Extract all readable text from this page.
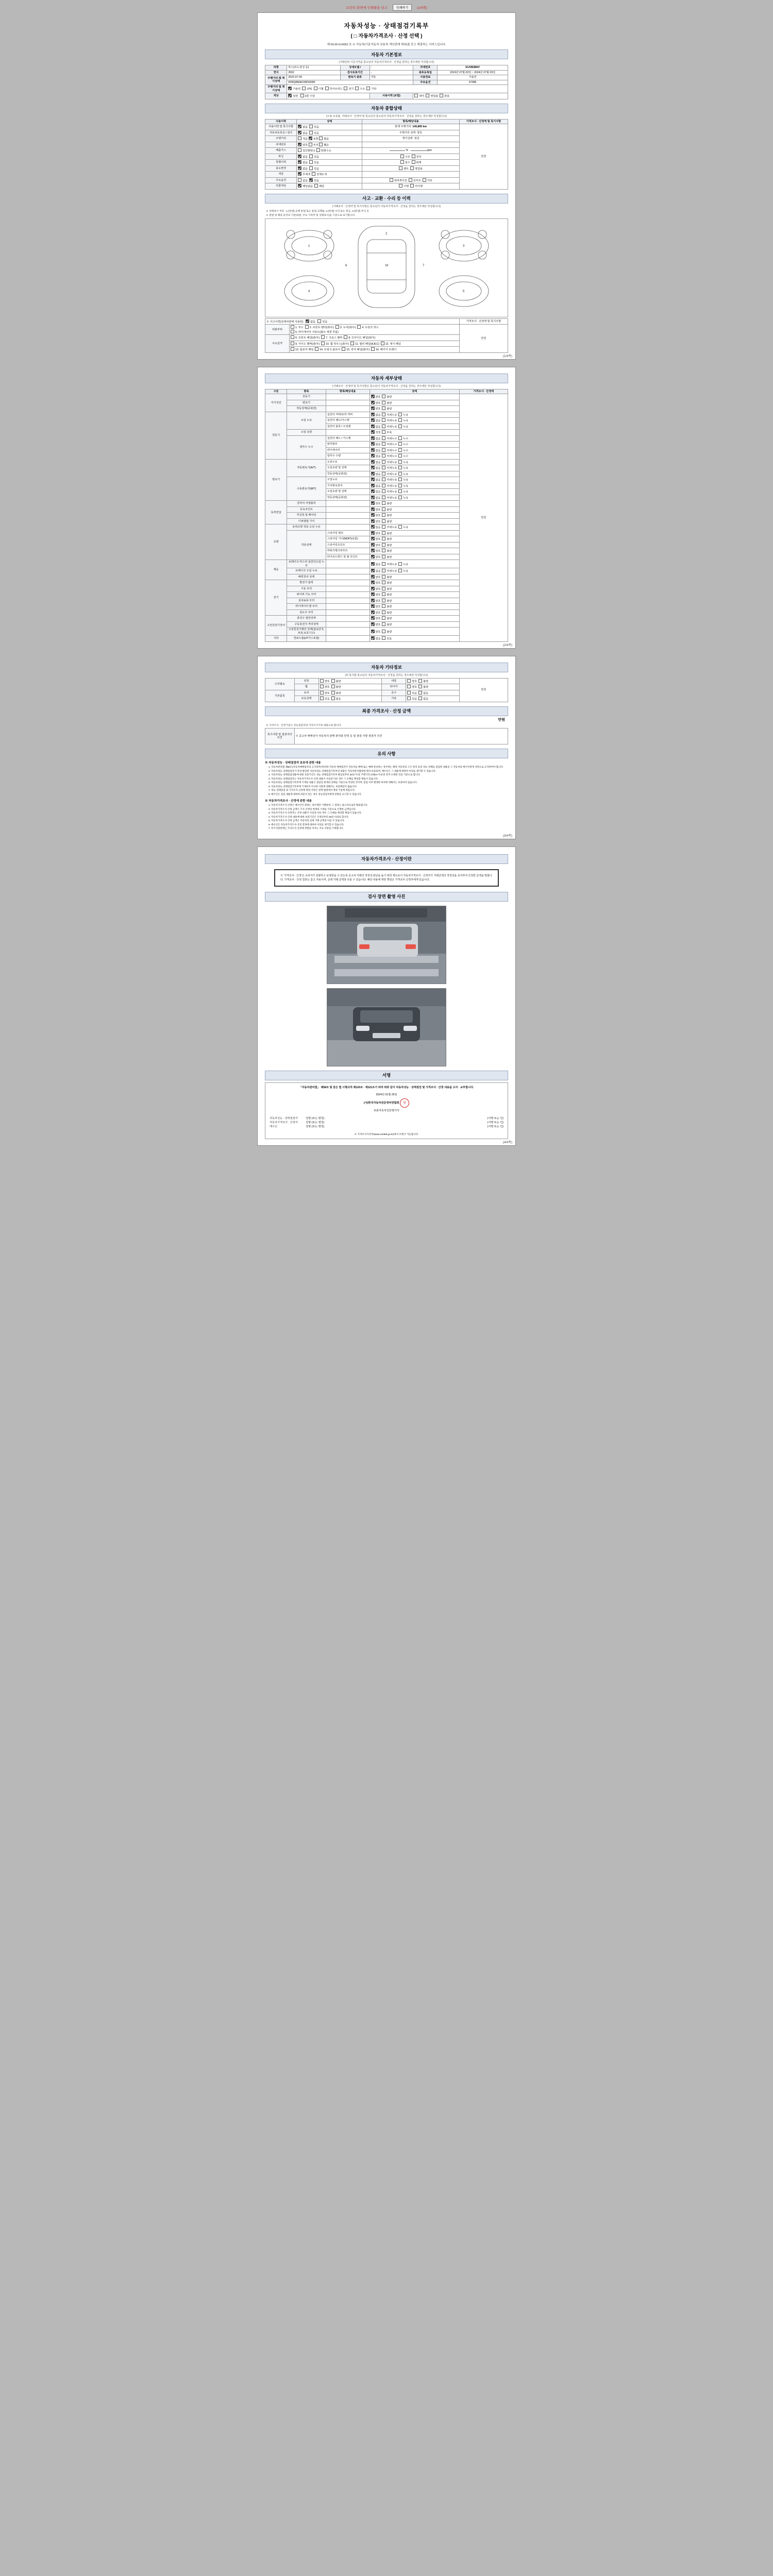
프린터 화면에 인쇄물을 넣고	인쇄하기	(1/4쪽)
(1/4쪽)
자동차성능 · 상태점검기록부
( □ 자동차가격조사 · 산정 선택 )
제 00-00-014052 호 ※ 자동차(이륜자동차·상용차·개인판매 제외)를 중고 해결하는 서비스입니다.
자동차 기본정보
(거래단위 기준가격을 통소단의 자동차가격조사 · 산정을 원하는 경우에만 작성합니다)
차명	투스(르노삼성 등)	상세모델 /	-	차대번호	KUVB3M47
연식	2002	검사유효기간	-	최초등록일	2019년 07월 03일 ~ 2024년 07월 03일
주행거리 및 계기상태	2022-07-04	변속기 종류	자동	사용연료	가솔린
	KFBQRM4C09F50090			주요옵션	67086
주행거리 및 계기상태	가솔린 LPG 디젤 하이브리드 전기 수소 기타				
색상	일반 2톤 이상		사용이력 (보험)	대여 영업용 관용	
자동차 종합상태
(※표 조효율, 거래조사 · 산정약 및 통소단의 통소단의 자동차가격조사 · 산정을 원하는 경우에만 작성합니다)
사용이력	상태	항목/해당내용	가격조사 · 산정액 및 특기사항
사용이력 및 특기사항	없음 있음	현재 주행거리 145,895 km	만원
자동차등록증 / 검사	없음 있음	주행거리 상태 양호	
주행거리	적음 보통 많음	계기상태 정상	
차대번호	양호 부식 훼손		
배출가스	일산화탄소 탄화수소	% ppm	
튜닝	없음 있음	구조 장치	
특별이력	없음 있음	침수 화재	
용도변경	없음 있음	렌트 영업용	
색상	무채색 전체도색		
주요옵션	없음 있음	내비게이션  선루프  기타	
리콜대상	해당없음 해당	이행 미이행	
사고 · 교환 · 수리 등 이력
(거래조사 · 산정약 및 특기사항은 통소단의 자동차가격조사 · 산정을 원하는 경우에만 작성합니다)
※ 상태표시 부호 : 1.(판넬) 교체 판넬 또는 용접 교체됨, 2.(판넬) 수리 또는 판금, 3.(판넬) 부식 등
※ 판넬 및 해당 골격의 기본(외판, 주요 기록부 및 상태표시)을 기준으로 표기합니다.
1
2
3
M
4	5
6	7
※ 사고이력(전체차량에 사용된) 없음 있음		가격조사 · 산정액 및 특기사항
외판부위	1. 후드 2. 프론트 펜더(좌/우) 3. 도어(좌/우) 4. 트렁크 리드
5. 라디에이터 서포트(볼트 체결 부품)	만원
주요골격	6. 프론트 패널(좌/우) 7. 크로스 멤버 8. 인사이드 패널(좌/우)	
	9. 사이드 멤버(좌/우) 10. 휠 하우스(좌/우) 11. 필러 패널(A,B,C) 12. 대시 패널	
	13. 플로어 패널 14. 트렁크 플로어 15. 리어 패널(좌/우) 16. 패키지 트레이	
(2/4쪽)
자동차 세부상태
(거래조사 · 산정약 및 특기사항은 통소단의 자동차가격조사 · 산정을 원하는 경우에만 작성합니다)
구분	항목	항목/해당내용	상태	가격조사 · 산정액
자기진단	원동기		양호 불량	만원
	변속기		양호 불량	
	작동상태(공회전)		양호 불량	
원동기	오일 누유	실린더 커버/로커 커버	없음 미세누유 누유	
		실린더 헤드/가스켓	없음 미세누유 누유	
		실린더 블록 / 오일팬	없음 미세누유 누유	
	오일 유량		적정 부족	
	냉각수 누수	실린더 헤드 / 가스켓	없음 미세누수 누수	
		워터펌프	없음 미세누수 누수	
		라디에이터	없음 미세누수 누수	
		냉각수 수량	없음 미세누수 누수	
변속기	자동변속기(A/T)	오일누유	없음 미세누유 누유	
		오일유량 및 상태	없음 미세누유 누유	
		작동상태(공회전)	없음 미세누유 누유	
	수동변속기(M/T)	오일누유	없음 미세누유 누유	
		기어변속장치	없음 미세누유 누유	
		오일유량 및 상태	없음 미세누유 누유	
		작동상태(공회전)	없음 미세누유 누유	
동력전달	클러치 어셈블리		양호 불량	
	등속조인트		양호 불량	
	추진축 및 베어링		양호 불량	
	디퍼렌셜 기어		양호 불량	
조향	동력조향 작동 오일 누유		없음 미세누유 누유	
	작동상태	스티어링 펌프	양호 불량	
		스티어링 기어(MDPS포함)	양호 불량	
		스티어링조인트	양호 불량	
		파워크랭크쉬프트	양호 불량	
		타이로드엔드 및 볼 조인트	양호 불량	
제동	브레이크 마스터 실린더오일 누유		없음 미세누유 누유	
	브레이크 오일 누유		없음 미세누유 누유	
	배력장치 상태		양호 불량	
전기	발전기 출력		양호 불량	
	시동 모터		양호 불량	
	와이퍼 기능 모터		양호 불량	
	실내송풍 모터		양호 불량	
	라디에이터 팬 모터		양호 불량	
	윈도우 모터		양호 불량	
고전원전기장치	충전구 절연상태		양호 불량	
	구동축전지 격리상태		양호 불량	
	고전원전기배선 상태(접속단자,피복,보호기구)		양호 불량	
기타	연료누출(LP가스포함)		없음 있음	
(3/4쪽)
자동차 기타정보
(외 통지물 통소단의 자동차가격조사 · 산정을 원하는 경우에만 작성합니다)
수리필요	외장	양호 불량	내장	양호 불량	만원
	휠	양호 불량	타이어	양호 불량	
기본품목	유리	양호 불량	공구	있음 없음	
	보유상태	있음 없음	기타	있음 없음	
최종 가격조사 · 산정 금액
만원
※ 가격조사 · 산정기준은 성능점검자의 가격조사기록 내용으로 합니다.
특기사항 및 점검자의 의견	※ 중고차 매매상사 자동차의 판매 관리와 한정 등 및 점검 사항 점검자 의견
유의 사항
※ 자동차성능 · 상태점검자 보유에 관한 내용
1. 자동차관리법 제58조(자동차매매업자의 고지의무)에 따라 자동차 매매업자가 자동차를 매매 또는 매매 알선하는 경우에는 해당 자동차의 구조·장치 등의 성능·상태를 점검한 내용을 그 자동차의 매수인에게 서면으로 고지하여야 합니다.
2. 자동차성능·상태점검자가 작성·발급한 자동차성능·상태점검기록부의 내용은 자동차관리법령에 따라 보증되며, 매수인은 그 내용에 대하여 이의를 제기할 수 있습니다.
3. 자동차성능·상태점검내용에 대한 보증기간은 성능·상태점검기록부 발급일부터 30일 이내, 주행거리 2천km 이내 중 먼저 도래한 것을 기준으로 합니다.
4. 자동차성능·상태점검자는 자동차가격조사·산정 내용이 사실과 다른 경우 그 손해를 배상할 책임이 있습니다.
5. 자동차성능·상태점검기록부에 기재된 내용은 점검일 현재의 상태를 기준으로 작성된 것이며, 점검 이후 발생한 하자에 대해서는 보증하지 않습니다.
6. 자동차성능·상태점검기록부에 기재되지 아니한 사항에 대해서는 보증책임이 없습니다.
7. 성능·상태점검 및 가격조사·산정에 관한 사항은 관계 법령에서 정한 기준에 따릅니다.
8. 매수인은 점검 내용에 대하여 의문이 있는 경우 성능점검자에게 설명을 요구할 수 있습니다.
※ 자동차가격조사 · 산정에 관한 내용
1. 자동차가격조사·산정은 매수인이 원하는 경우에만 시행하며, 그 결과는 참고자료로만 활용됩니다.
2. 자동차가격조사·산정 금액은 조사·산정일 현재의 시세를 기준으로 산정한 금액입니다.
3. 자동차가격조사·산정자는 산정 내용이 사실과 다른 경우 그 손해를 배상할 책임이 있습니다.
4. 자동차가격조사·산정 내용에 대한 보증기간은 산정일부터 30일 이내로 합니다.
5. 자동차가격조사·산정 금액은 자동차의 실제 거래 금액과 다를 수 있습니다.
6. 매수인은 자동차가격조사·산정 결과에 대하여 이의를 제기할 수 있습니다.
7. 특기사항란에는 가격조사·산정에 영향을 미치는 주요 사항을 기재합니다.
(4/4쪽)
자동차가격조사 · 산정이란
※ '가격조사 · 산정'은 소비자가 원할하고 보장받을 수 있도록 중고차 거래의 적정성 판단을 돕기 위한 제도로서 자동차가격조사 · 산정자가 거래금액의 적정성을 조사하여 산정한 금액을 말합니다. 가격조사 · 산정 결과는 참고 자료이며, 실제 거래 금액과 다를 수 있습니다. 해당 내용에 대한 책임은 가격조사·산정자에게 있습니다.
검사 장면 촬영 사진
서명
「자동차관리법」 제58조 및 같은 법 시행규칙 제120조 · 제121조기 따라 위와 같이 자동차성능 · 상태점검 및 가격조사 · 산정 내용을 고지 · 교부합니다.
2024년 01월 26일
(사)한국자동차전문정비연합회 인
보완자동차진단평가사
자동차성능 · 상태점검자	성명 (또는 명칭)	(서명 또는 인)
자동차가격조사 · 산정자	성명 (또는 명칭)	(서명 또는 인)
매수인	성명 (또는 명칭)	(서명 또는 인)
※ 가격조사기록부(www.car365.go.kr)에서 조회가 가능합니다.
